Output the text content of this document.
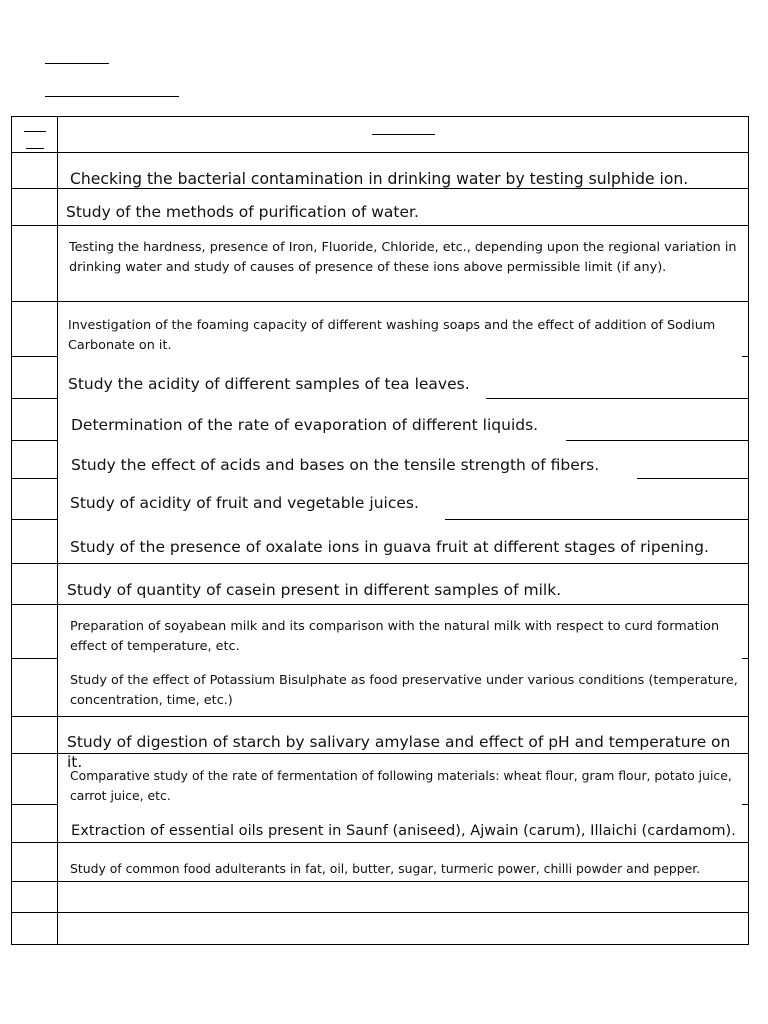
Checking the bacterial contamination in drinking water by testing sulphide ion.
Study of the methods of purification of water.
Testing the hardness, presence of Iron, Fluoride, Chloride, etc., depending upon the regional variation in drinking water and study of causes of presence of these ions above permissible limit (if any).
Investigation of the foaming capacity of different washing soaps and the effect of addition of Sodium Carbonate on it.
Study the acidity of different samples of tea leaves.
Determination of the rate of evaporation of different liquids.
Study the effect of acids and bases on the tensile strength of fibers.
Study of acidity of fruit and vegetable juices.
Study of the presence of oxalate ions in guava fruit at different stages of ripening.
Study of quantity of casein present in different samples of milk.
Preparation of soyabean milk and its comparison with the natural milk with respect to curd formation effect of temperature, etc.
Study of the effect of Potassium Bisulphate as food preservative under various conditions (temperature, concentration, time, etc.)
Study of digestion of starch by salivary amylase and effect of pH and temperature on it.
Comparative study of the rate of fermentation of following materials: wheat flour, gram flour, potato juice, carrot juice, etc.
Extraction of essential oils present in Saunf (aniseed), Ajwain (carum), Illaichi (cardamom).
Study of common food adulterants in fat, oil, butter, sugar, turmeric power, chilli powder and pepper.
